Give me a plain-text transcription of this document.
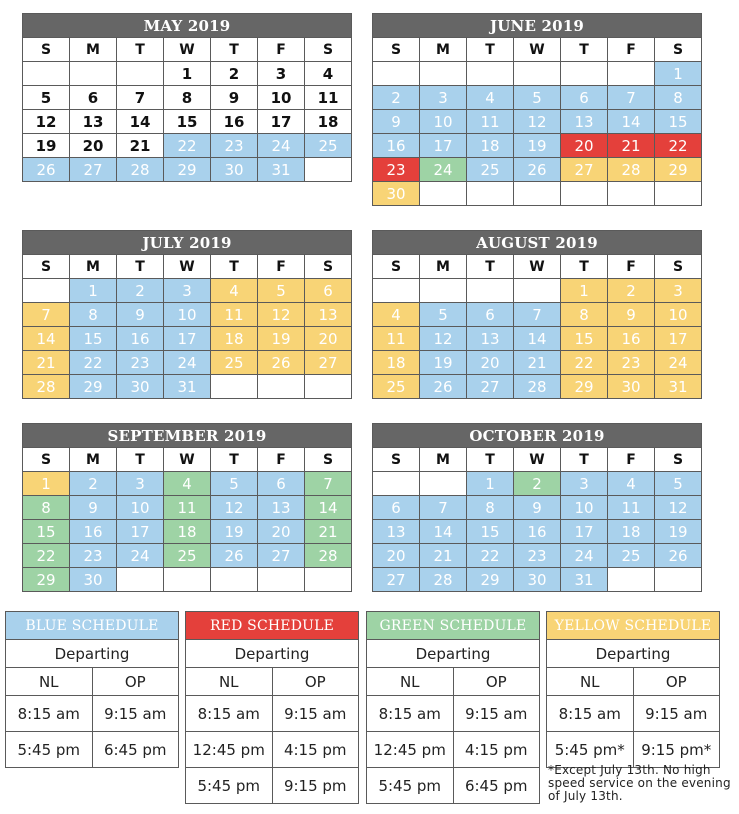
MAY 2019						
S	M	T	W	T	F	S
			1	2	3	4
5	6	7	8	9	10	11
12	13	14	15	16	17	18
19	20	21	22	23	24	25
26	27	28	29	30	31	
JUNE 2019						
S	M	T	W	T	F	S
						1
2	3	4	5	6	7	8
9	10	11	12	13	14	15
16	17	18	19	20	21	22
23	24	25	26	27	28	29
30						
JULY 2019						
S	M	T	W	T	F	S
	1	2	3	4	5	6
7	8	9	10	11	12	13
14	15	16	17	18	19	20
21	22	23	24	25	26	27
28	29	30	31			
AUGUST 2019						
S	M	T	W	T	F	S
				1	2	3
4	5	6	7	8	9	10
11	12	13	14	15	16	17
18	19	20	21	22	23	24
25	26	27	28	29	30	31
SEPTEMBER 2019						
S	M	T	W	T	F	S
1	2	3	4	5	6	7
8	9	10	11	12	13	14
15	16	17	18	19	20	21
22	23	24	25	26	27	28
29	30					
OCTOBER 2019						
S	M	T	W	T	F	S
		1	2	3	4	5
6	7	8	9	10	11	12
13	14	15	16	17	18	19
20	21	22	23	24	25	26
27	28	29	30	31		
BLUE SCHEDULE	
Departing	
NL	OP
8:15 am	9:15 am
5:45 pm	6:45 pm
RED SCHEDULE	
Departing	
NL	OP
8:15 am	9:15 am
12:45 pm	4:15 pm
5:45 pm	9:15 pm
GREEN SCHEDULE	
Departing	
NL	OP
8:15 am	9:15 am
12:45 pm	4:15 pm
5:45 pm	6:45 pm
YELLOW SCHEDULE	
Departing	
NL	OP
8:15 am	9:15 am
5:45 pm*	9:15 pm*
*Except July 13th. No high speed service on the evening of July 13th.
